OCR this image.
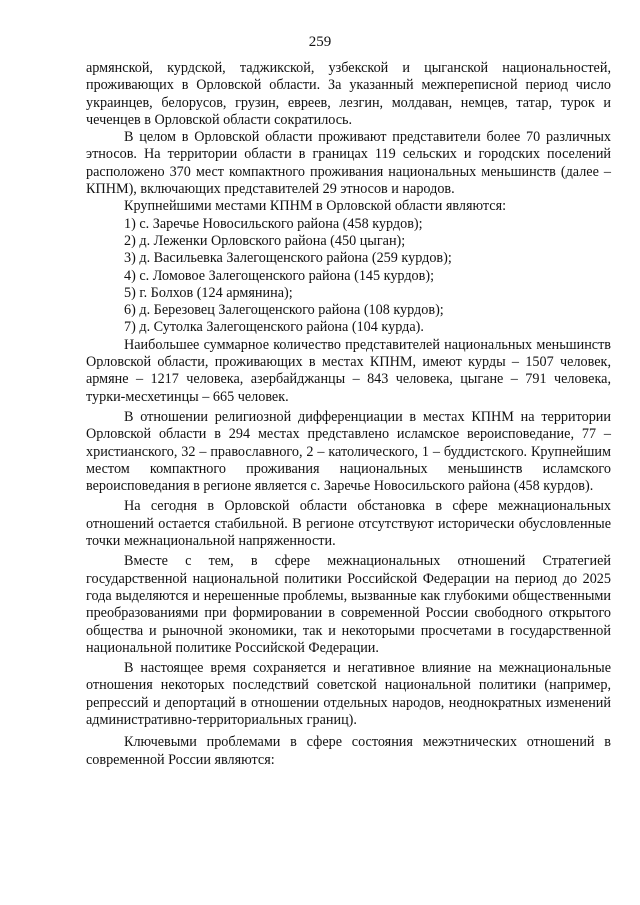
259

армянской, курдской, таджикской, узбекской и цыганской национальностей, проживающих в Орловской области. За указанный межпереписной период число украинцев, белорусов, грузин, евреев, лезгин, молдаван, немцев, татар, турок и чеченцев в Орловской области сократилось.

В целом в Орловской области проживают представители более 70 различных этносов. На территории области в границах 119 сельских и городских поселений расположено 370 мест компактного проживания национальных меньшинств (далее – КПНМ), включающих представителей 29 этносов и народов.

Крупнейшими местами КПНМ в Орловской области являются:

1) с. Заречье Новосильского района (458 курдов);

2) д. Леженки Орловского района (450 цыган);

3) д. Васильевка Залегощенского района (259 курдов);

4) с. Ломовое Залегощенского района (145 курдов);

5) г. Болхов (124 армянина);

6) д. Березовец Залегощенского района (108 курдов);

7) д. Сутолка Залегощенского района (104 курда).

Наибольшее суммарное количество представителей национальных меньшинств Орловской области, проживающих в местах КПНМ, имеют курды – 1507 человек, армяне – 1217 человека, азербайджанцы – 843 человека, цыгане – 791 человека, турки-месхетинцы – 665 человек.

В отношении религиозной дифференциации в местах КПНМ на территории Орловской области в 294 местах представлено исламское вероисповедание, 77 – христианского, 32 – православного, 2 – католического, 1 – буддистского. Крупнейшим местом компактного проживания национальных меньшинств исламского вероисповедания в регионе является с. Заречье Новосильского района (458 курдов).

На сегодня в Орловской области обстановка в сфере межнациональных отношений остается стабильной. В регионе отсутствуют исторически обусловленные точки межнациональной напряженности.

Вместе с тем, в сфере межнациональных отношений Стратегией государственной национальной политики Российской Федерации на период до 2025 года выделяются и нерешенные проблемы, вызванные как глубокими общественными преобразованиями при формировании в современной России свободного открытого общества и рыночной экономики, так и некоторыми просчетами в государственной национальной политике Российской Федерации.

В настоящее время сохраняется и негативное влияние на межнациональные отношения некоторых последствий советской национальной политики (например, репрессий и депортаций в отношении отдельных народов, неоднократных изменений административно-территориальных границ).

Ключевыми проблемами в сфере состояния межэтнических отношений в современной России являются:
